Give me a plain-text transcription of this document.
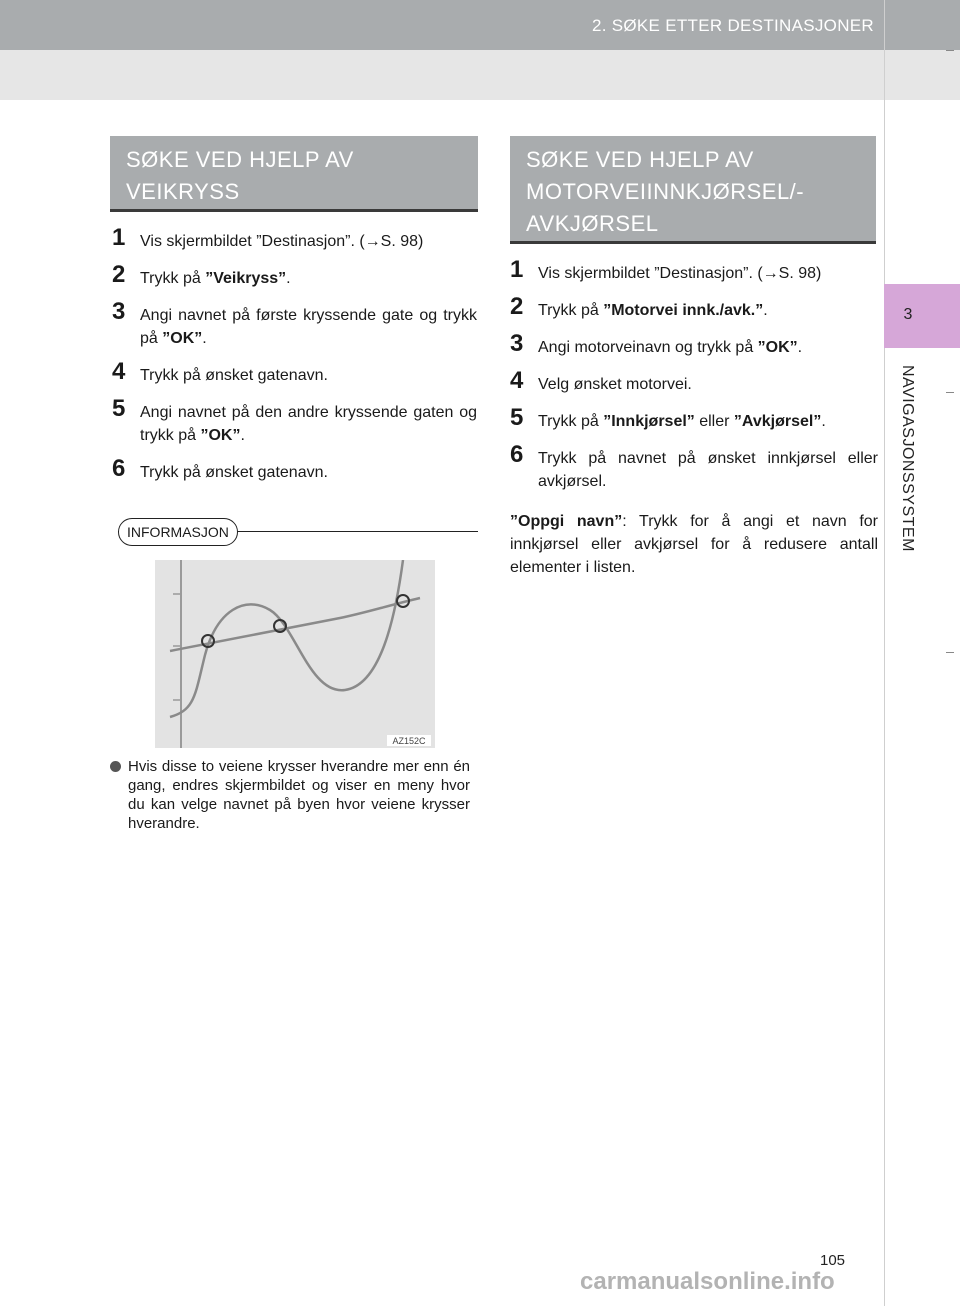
2. SØKE ETTER DESTINASJONER
3
NAVIGASJONSSYSTEM
SØKE VED HJELP AV
VEIKRYSS
1 Vis skjermbildet ”Destinasjon”. (→S. 98)
2 Trykk på ”Veikryss”.
3 Angi navnet på første kryssende gate og trykk på ”OK”.
4 Trykk på ønsket gatenavn.
5 Angi navnet på den andre kryssende gaten og trykk på ”OK”.
6 Trykk på ønsket gatenavn.
INFORMASJON
AZ152C
Hvis disse to veiene krysser hverandre mer enn én gang, endres skjermbildet og viser en meny hvor du kan velge navnet på byen hvor veiene krysser hverandre.
SØKE VED HJELP AV
MOTORVEIINNKJØRSEL/-
AVKJØRSEL
1 Vis skjermbildet ”Destinasjon”. (→S. 98)
2 Trykk på ”Motorvei innk./avk.”.
3 Angi motorveinavn og trykk på ”OK”.
4 Velg ønsket motorvei.
5 Trykk på ”Innkjørsel” eller ”Avkjørsel”.
6 Trykk på navnet på ønsket innkjørsel eller avkjørsel.
”Oppgi navn”: Trykk for å angi et navn for innkjørsel eller avkjørsel for å redusere antall elementer i listen.
105
carmanualsonline.info
